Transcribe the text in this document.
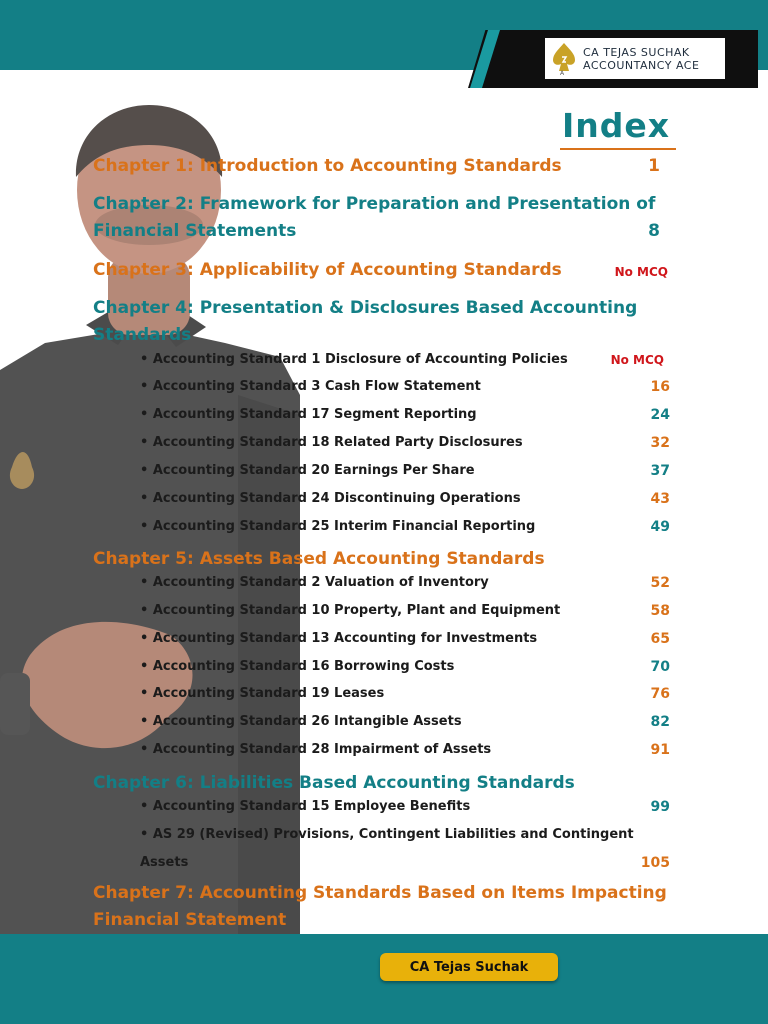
A
CA TEJAS SUCHAK
ACCOUNTANCY ACE
Index
Chapter 1: Introduction to Accounting Standards	1
Chapter 2: Framework for Preparation and Presentation of
Financial Statements	8
Chapter 3: Applicability of Accounting Standards	No MCQ
Chapter 4: Presentation & Disclosures Based Accounting
Standards
• Accounting Standard 1 Disclosure of Accounting Policies	No MCQ
• Accounting Standard 3 Cash Flow Statement	16
• Accounting Standard 17 Segment Reporting	24
• Accounting Standard 18 Related Party Disclosures	32
• Accounting Standard 20 Earnings Per Share	37
• Accounting Standard 24 Discontinuing Operations	43
• Accounting Standard 25 Interim Financial Reporting	49
Chapter 5: Assets Based Accounting Standards
• Accounting Standard 2 Valuation of Inventory	52
• Accounting Standard 10 Property, Plant and Equipment	58
• Accounting Standard 13 Accounting for Investments	65
• Accounting Standard 16 Borrowing Costs	70
• Accounting Standard 19 Leases	76
• Accounting Standard 26 Intangible Assets	82
• Accounting Standard 28 Impairment of Assets	91
Chapter 6: Liabilities Based Accounting Standards
• Accounting Standard 15 Employee Benefits	99
• AS 29 (Revised) Provisions, Contingent Liabilities and Contingent
Assets	105
Chapter 7: Accounting Standards Based on Items Impacting
Financial Statement
CA Tejas Suchak
